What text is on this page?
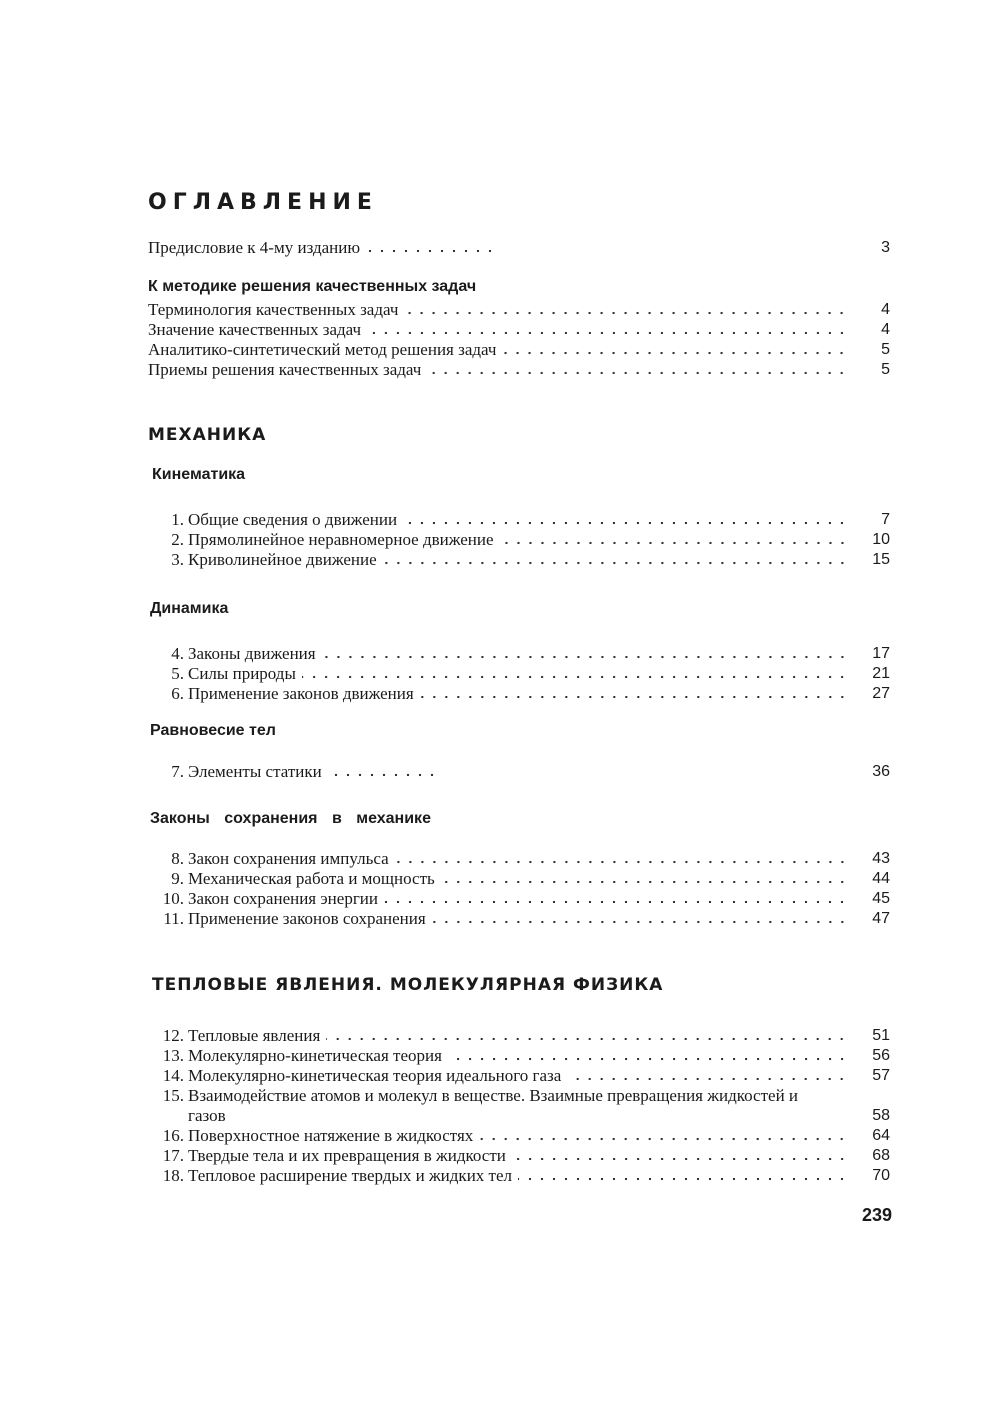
ОГЛАВЛЕНИЕ
Предисловие к 4-му изданию	3
К методике решения качественных задач
Терминология качественных задач	4
Значение качественных задач	4
Аналитико-синтетический метод решения задач	5
Приемы решения качественных задач	5
МЕХАНИКА
Кинематика
1. Общие сведения о движении	7
2. Прямолинейное неравномерное движение	10
3. Криволинейное движение	15
Динамика
4. Законы движения	17
5. Силы природы	21
6. Применение законов движения	27
Равновесие тел
7. Элементы статики	36
Законы сохранения в механике
8. Закон сохранения импульса	43
9. Механическая работа и мощность	44
10. Закон сохранения энергии	45
11. Применение законов сохранения	47
ТЕПЛОВЫЕ ЯВЛЕНИЯ. МОЛЕКУЛЯРНАЯ ФИЗИКА
12. Тепловые явления	51
13. Молекулярно-кинетическая теория	56
14. Молекулярно-кинетическая теория идеального газа	57
15. Взаимодействие атомов и молекул в веществе. Взаимные превращения жидкостей и газов	58
16. Поверхностное натяжение в жидкостях	64
17. Твердые тела и их превращения в жидкости	68
18. Тепловое расширение твердых и жидких тел	70
239
